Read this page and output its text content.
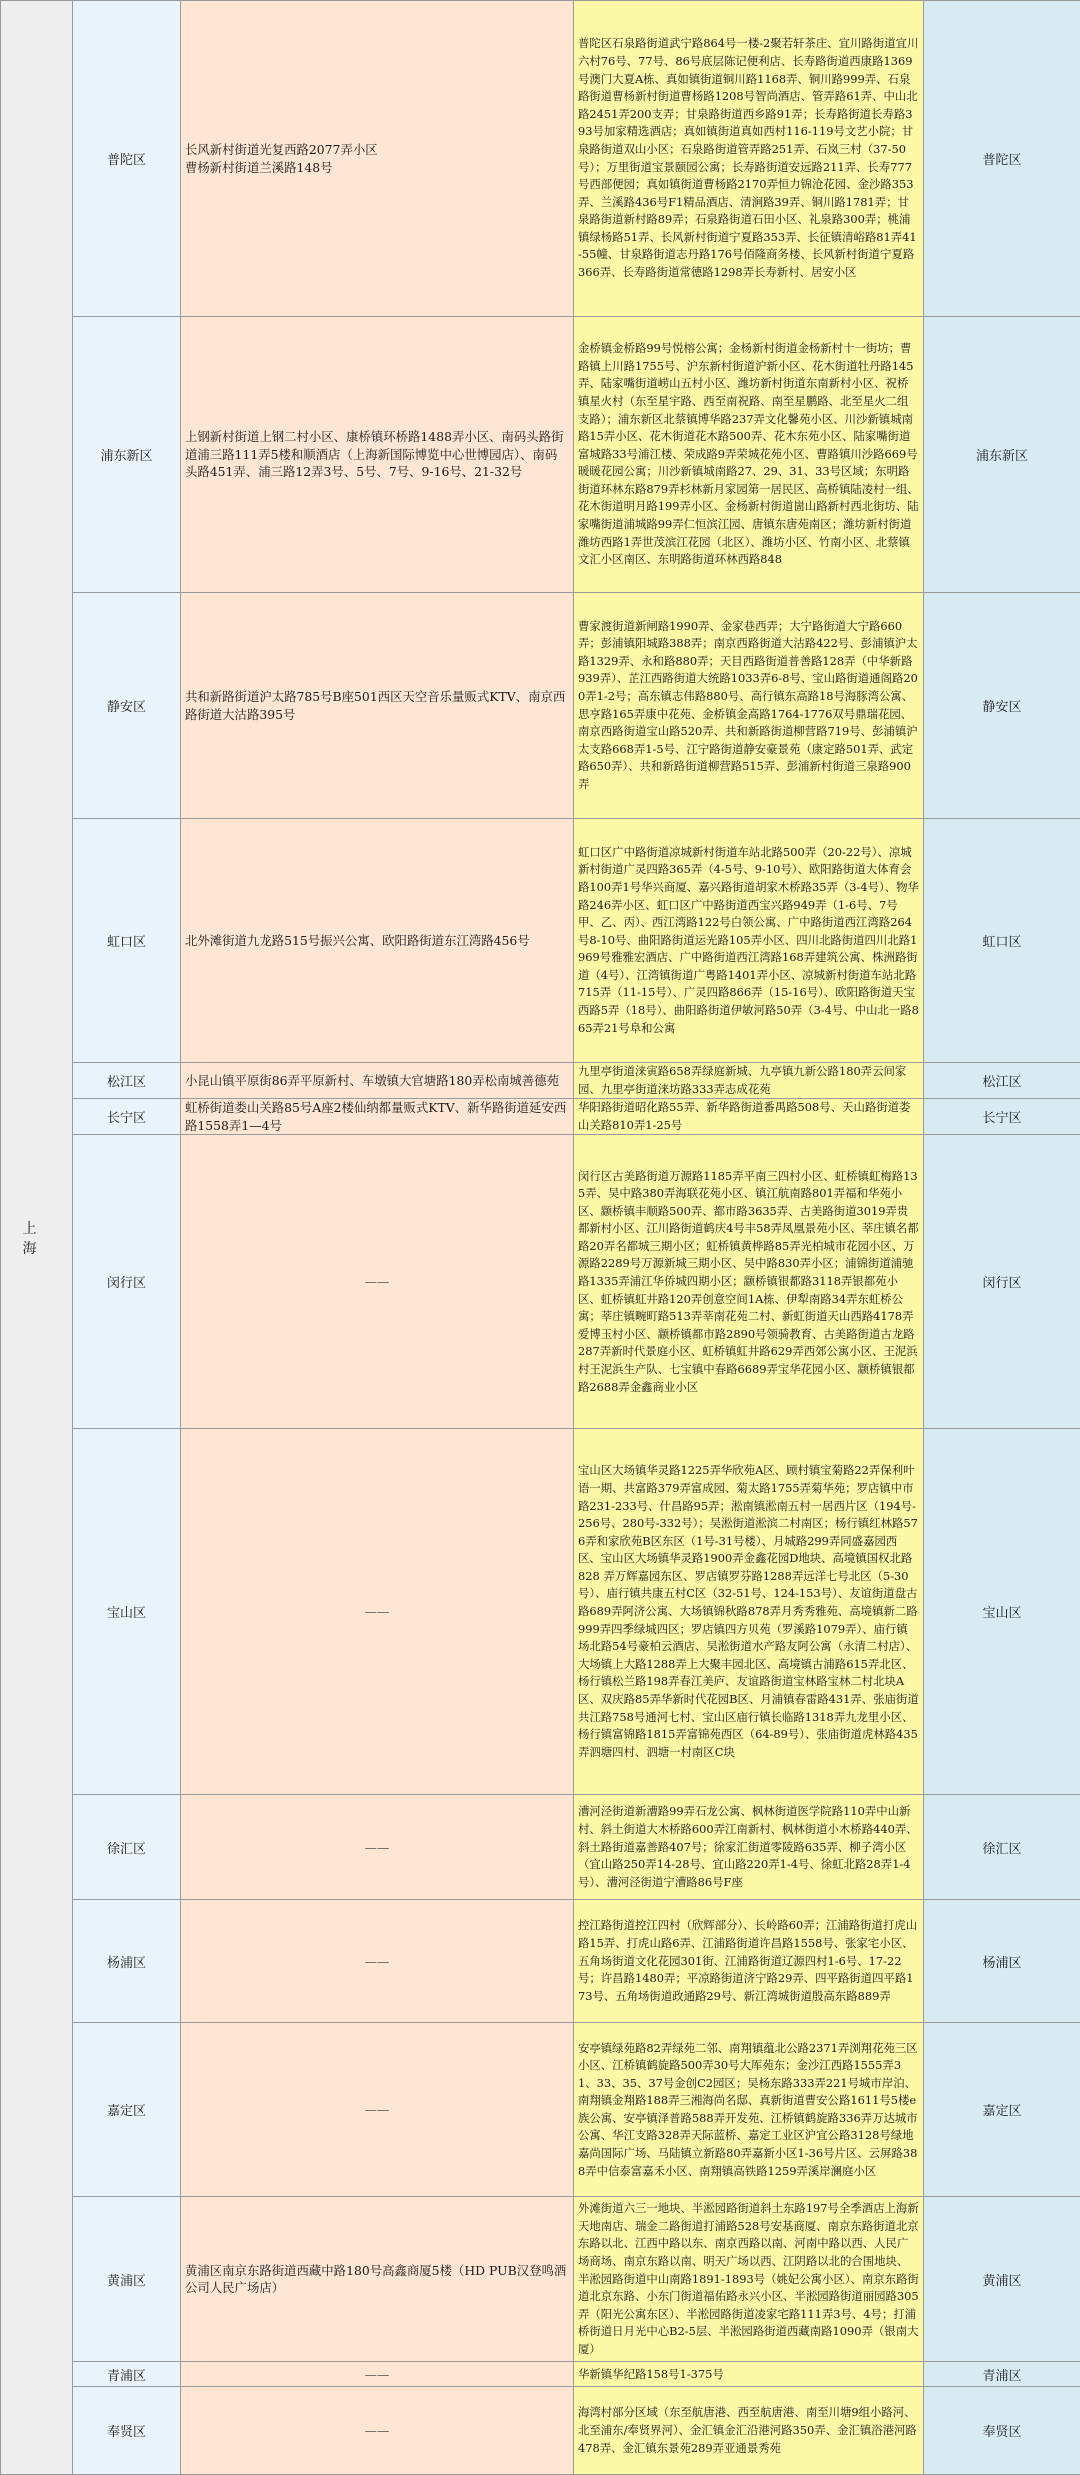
上 海	普陀区	长风新村街道光复西路2077弄小区
曹杨新村街道兰溪路148号	普陀区石泉路街道武宁路864号一楼-2聚若轩茶庄、宜川路街道宜川六村76号、77号、86号底层陈记便利店、长寿路街道西康路1369号澳门大夏A栋、真如镇街道铜川路1168弄、铜川路999弄、石泉路街道曹杨新村街道曹杨路1208号智尚酒店、管弄路61弄、中山北路2451弄200支弄；甘泉路街道西乡路91弄；长寿路街道长寿路393号加家精选酒店；真如镇街道真如西村116-119号文艺小院；甘泉路街道双山小区；石泉路街道管弄路251弄、石岚三村（37-50号）；万里街道宝景颐园公寓；长寿路街道安远路211弄、长寿777号西部便园；真如镇街道曹杨路2170弄恒力锦沧花园、金沙路353弄、兰溪路436号F1精品酒店、清涧路39弄、铜川路1781弄；甘泉路街道新村路89弄；石泉路街道石田小区、礼泉路300弄；桃浦镇绿杨路51弄、长风新村街道宁夏路353弄、长征镇清峪路81弄41-55幢、甘泉路街道志丹路176号佰隆商务楼、长风新村街道宁夏路366弄、长寿路街道常德路1298弄长寿新村、居安小区	普陀区
	浦东新区	上钢新村街道上钢二村小区、康桥镇环桥路1488弄小区、南码头路街道浦三路111弄5楼和顺酒店（上海新国际博览中心世博园店）、南码头路451弄、浦三路12弄3号、5号、7号、9-16号、21-32号	金桥镇金桥路99号悦榕公寓；金杨新村街道金杨新村十一街坊；曹路镇上川路1755号、沪东新村街道沪新小区、花木街道牡丹路145弄、陆家嘴街道崂山五村小区、潍坊新村街道东南新村小区、祝桥镇星火村（东至星宇路、西至南祝路、南至星鹏路、北至星火二组支路）；浦东新区北蔡镇博华路237弄文化馨苑小区、川沙新镇城南路15弄小区、花木街道花木路500弄、花木东苑小区、陆家嘴街道富城路33号浦江楼、荣成路9弄荣城花苑小区、曹路镇川沙路669号暖暖花园公寓；川沙新镇城南路27、29、31、33号区域；东明路街道环林东路879弄杉林新月家园第一居民区、高桥镇陆凌村一组、花木街道明月路199弄小区、金杨新村街道崮山路新村西北街坊、陆家嘴街道浦城路99弄仁恒滨江园、唐镇东唐苑南区；潍坊新村街道潍坊西路1弄世茂滨江花园（北区）、潍坊小区、竹南小区、北蔡镇文汇小区南区、东明路街道环林西路848	浦东新区
	静安区	共和新路街道沪太路785号B座501西区天空音乐量贩式KTV、南京西路街道大沽路395号	曹家渡街道新闸路1990弄、金家巷西弄；大宁路街道大宁路660弄；彭浦镇阳城路388弄；南京西路街道大沽路422号、彭浦镇沪太路1329弄、永和路880弄；天目西路街道普善路128弄（中华新路939弄）、芷江西路街道大统路1033弄6-8号、宝山路街道通阁路200弄1-2号；高东镇志伟路880号、高行镇东高路18号海豚湾公寓、思亨路165弄康中花苑、金桥镇金高路1764-1776双号鼎瑞花园、南京西路街道宝山路520弄、共和新路街道柳营路719号、彭浦镇沪太支路668弄1-5号、江宁路街道静安豪景苑（康定路501弄、武定路650弄）、共和新路街道柳营路515弄、彭浦新村街道三泉路900弄	静安区
	虹口区	北外滩街道九龙路515号振兴公寓、欧阳路街道东江湾路456号	虹口区广中路街道凉城新村街道车站北路500弄（20-22号）、凉城新村街道广灵四路365弄（4-5号、9-10号）、欧阳路街道大体育会路100弄1号华兴商厦、嘉兴路街道胡家木桥路35弄（3-4号）、物华路246弄小区、虹口区广中路街道西宝兴路949弄（1-6号、7号甲、乙、丙）、西江湾路122号白领公寓、广中路街道西江湾路264号8-10号、曲阳路街道运光路105弄小区、四川北路街道四川北路1969号雅雅宏酒店、广中路街道西江湾路168弄建筑公寓、株洲路街道（4号）、江湾镇街道广粤路1401弄小区、凉城新村街道车站北路715弄（11-15号）、广灵四路866弄（15-16号）、欧阳路街道天宝西路5弄（18号）、曲阳路街道伊敏河路50弄（3-4号、中山北一路865弄21号阜和公寓	虹口区
	松江区	小昆山镇平原街86弄平原新村、车墩镇大官塘路180弄松南城善德苑	九里亭街道涞寅路658弄绿庭新城、九亭镇九新公路180弄云间家园、九里亭街道涞坊路333弄志成花苑	松江区
	长宁区	虹桥街道娄山关路85号A座2楼仙纳都量贩式KTV、新华路街道延安西路1558弄1—4号	华阳路街道昭化路55弄、新华路街道番禺路508号、天山路街道娄山关路810弄1-25号	长宁区
	闵行区	——	闵行区古美路街道万源路1185弄平南三四村小区、虹桥镇虹梅路135弄、吴中路380弄海联花苑小区、镇江航南路801弄福和华苑小区、颛桥镇丰顺路500弄、都市路3635弄、古美路街道3019弄贵都新村小区、江川路街道鹤庆4号丰58弄凤凰景苑小区、莘庄镇名都路20弄名都城三期小区；虹桥镇黄桦路85弄光柏城市花园小区、万源路2289号万源新城三期小区、吴中路830弄小区；浦锦街道浦驰路1335弄浦江华侨城四期小区；颛桥镇银都路3118弄银都苑小区、虹桥镇虹井路120弄创意空间1A栋、伊犁南路34弄东虹桥公寓；莘庄镇畹町路513弄莘南花苑二村、新虹街道天山西路4178弄爱博玉村小区、颛桥镇都市路2890号领骑教育、古美路街道古龙路287弄新时代景庭小区、虹桥镇虹井路629弄西郊公寓小区、王泥浜村王泥浜生产队、七宝镇中春路6689弄宝华花园小区、颛桥镇银都路2688弄金鑫商业小区	闵行区
	宝山区	——	宝山区大场镇华灵路1225弄华欣苑A区、顾村镇宝菊路22弄保利叶语一期、共富路379弄富成园、菊太路1755弄菊华苑；罗店镇中市路231-233号、什昌路95弄；淞南镇淞南五村一居西片区（194号-256号、280号-332号）；吴淞街道淞滨二村南区；杨行镇红林路576弄和家欣苑B区东区（1号-31号楼）、月城路299弄同盛嘉园西区、宝山区大场镇华灵路1900弄金鑫花园D地块、高境镇国权北路828 弄万辉嘉园东区、罗店镇罗芬路1288弄远洋七号北区（5-30号）、庙行镇共康五村C区（32-51号、124-153号）、友谊街道盘古路689弄阿济公寓、大场镇锦秋路878弄月秀秀雅苑、高境镇新二路999弄四季绿城四区；罗店镇四方贝苑（罗溪路1079弄）、庙行镇场北路54号豪柏云酒店、吴淞街道水产路友阿公寓（永清二村店）、大场镇上大路1288弄上大聚丰园北区、高境镇古浦路615弄北区、杨行镇松兰路198弄春江美庐、友谊路街道宝林路宝林二村北块A区、双庆路85弄华新时代花园B区、月浦镇春雷路431弄、张庙街道共江路758号通河七村、宝山区庙行镇长临路1318弄九龙里小区、杨行镇富锦路1815弄富锦苑西区（64-89号）、张庙街道虎林路435弄泗塘四村、泗塘一村南区C块	宝山区
	徐汇区	——	漕河泾街道新漕路99弄石龙公寓、枫林街道医学院路110弄中山新村、斜土街道大木桥路600弄江南新村、枫林街道小木桥路440弄、斜土路街道嘉善路407号；徐家汇街道零陵路635弄、柳子湾小区（宜山路250弄14-28号、宜山路220弄1-4号、徐虹北路28弄1-4号）、漕河泾街道宁漕路86号F座	徐汇区
	杨浦区	——	控江路街道控江四村（欣辉部分）、长岭路60弄；江浦路街道打虎山路15弄、打虎山路6弄、江浦路街道许昌路1558号、张家宅小区、五角场街道文化花园301街、江浦路街道辽源四村1-6号、17-22号；许昌路1480弄；平凉路街道济宁路29弄、四平路街道四平路173号、五角场街道政通路29号、新江湾城街道殷高东路889弄	杨浦区
	嘉定区	——	安亭镇绿苑路82弄绿苑二邻、南翔镇蕴北公路2371弄浏翔花苑三区小区、江桥镇鹤旋路500弄30号大厍苑东；金沙江西路1555弄31、33、35、37号金创C2园区；吴杨东路333弄221号城市岸泊、南翔镇金翔路188弄三湘海尚名邸、真新街道曹安公路1611号5楼e族公寓、安亭镇泽普路588弄开发苑、江桥镇鹤旋路336弄万达城市公寓、华江支路328弄天际蓝桥、嘉定工业区沪宜公路3128号绿地嘉尚国际广场、马陆镇立新路80弄嘉新小区1-36号片区、云屏路388弄中信泰富嘉禾小区、南翔镇高铁路1259弄溪岸澜庭小区	嘉定区
	黄浦区	黄浦区南京东路街道西藏中路180号高鑫商厦5楼（HD PUB汉登鸣酒公司人民广场店）	外滩街道六三一地块、半淞园路街道斜土东路197号全季酒店上海新天地南店、瑞金二路街道打浦路528号安基商厦、南京东路街道北京东路以北、江西中路以东、南京西路以南、河南中路以西、人民广场商场、南京东路以南、明天广场以西、江阴路以北的合围地块、半淞园路街道中山南路1891-1893号（姚妃公寓小区）、南京东路街道北京东路、小东门街道福佑路永兴小区、半淞园路街道丽园路305弄（阳光公寓东区）、半淞园路街道凌家宅路111弄3号、4号；打浦桥街道日月光中心B2-5层、半淞园路街道西藏南路1090弄（银南大厦）	黄浦区
	青浦区	——	华新镇华纪路158号1-375号	青浦区
	奉贤区	——	海湾村部分区域（东至航唐港、西至航唐港、南至川塘9组小路河、北至浦东/奉贤界河）、金汇镇金汇沿港河路350弄、金汇镇浴港河路478弄、金汇镇东景苑289弄亚通景秀苑	奉贤区
